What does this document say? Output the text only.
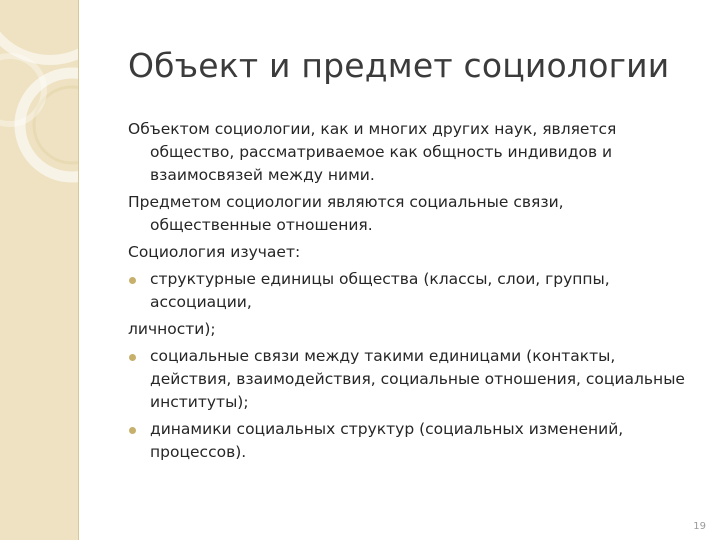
Объект и предмет социологии

Объектом социологии, как и многих других наук, является общество, рассматриваемое как общность индивидов и взаимосвязей между ними.

Предметом социологии являются социальные связи, общественные отношения.

Социология изучает:

структурные единицы общества (классы, слои, группы, ассоциации,

личности);

социальные связи между такими единицами (контакты, действия, взаимодействия, социальные отношения, социальные институты);
динамики социальных структур (социальных изменений, процессов).
19
